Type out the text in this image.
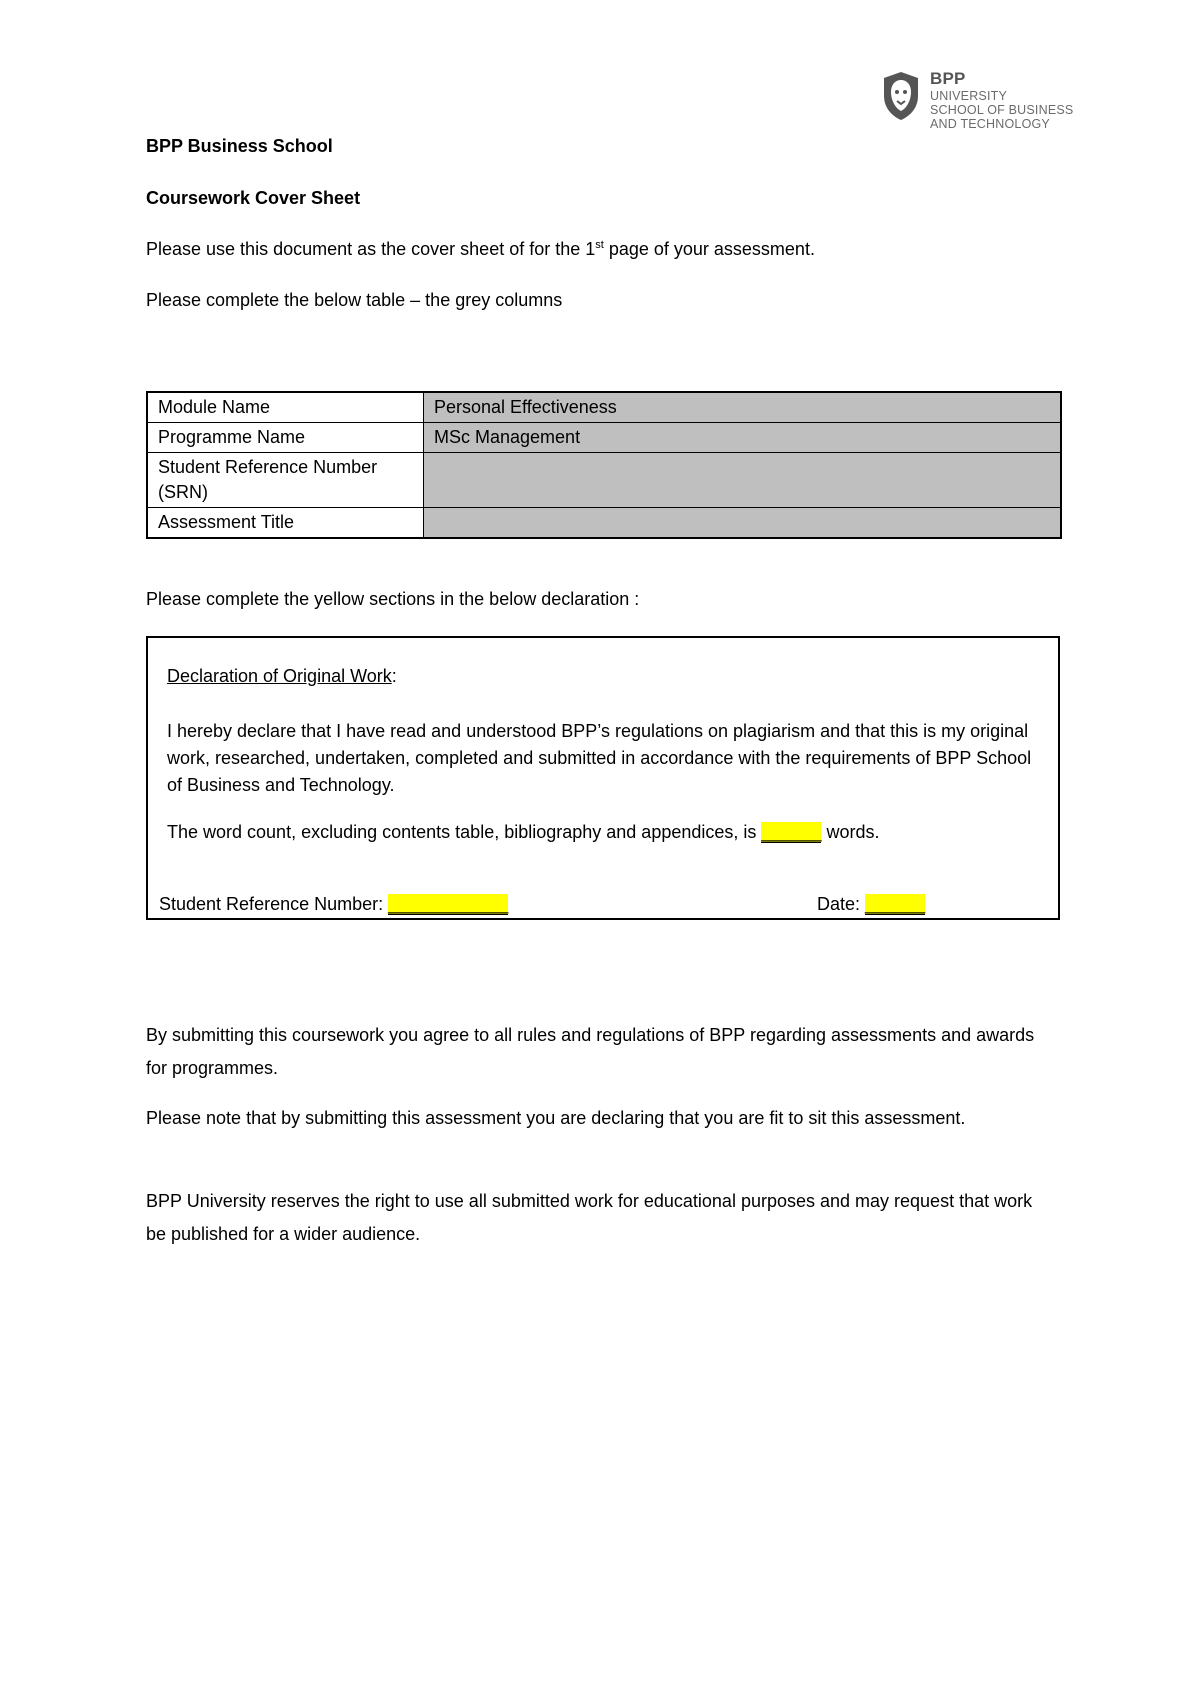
BPP
UNIVERSITY
SCHOOL OF BUSINESS
AND TECHNOLOGY
BPP Business School
Coursework Cover Sheet
Please use this document as the cover sheet of for the 1st page of your assessment.
Please complete the below table – the grey columns
Module Name	Personal Effectiveness
Programme Name	MSc Management
Student Reference Number (SRN)	
Assessment Title	
Please complete the yellow sections in the below declaration :
Declaration of Original Work:
I hereby declare that I have read and understood BPP’s regulations on plagiarism and that this is my original work, researched, undertaken, completed and submitted in accordance with the requirements of BPP School of Business and Technology.
The word count, excluding contents table, bibliography and appendices, is ______ words.
Student Reference Number: ____________	Date: ______
By submitting this coursework you agree to all rules and regulations of BPP regarding assessments and awards for programmes.
Please note that by submitting this assessment you are declaring that you are fit to sit this assessment.
BPP University reserves the right to use all submitted work for educational purposes and may request that work be published for a wider audience.
